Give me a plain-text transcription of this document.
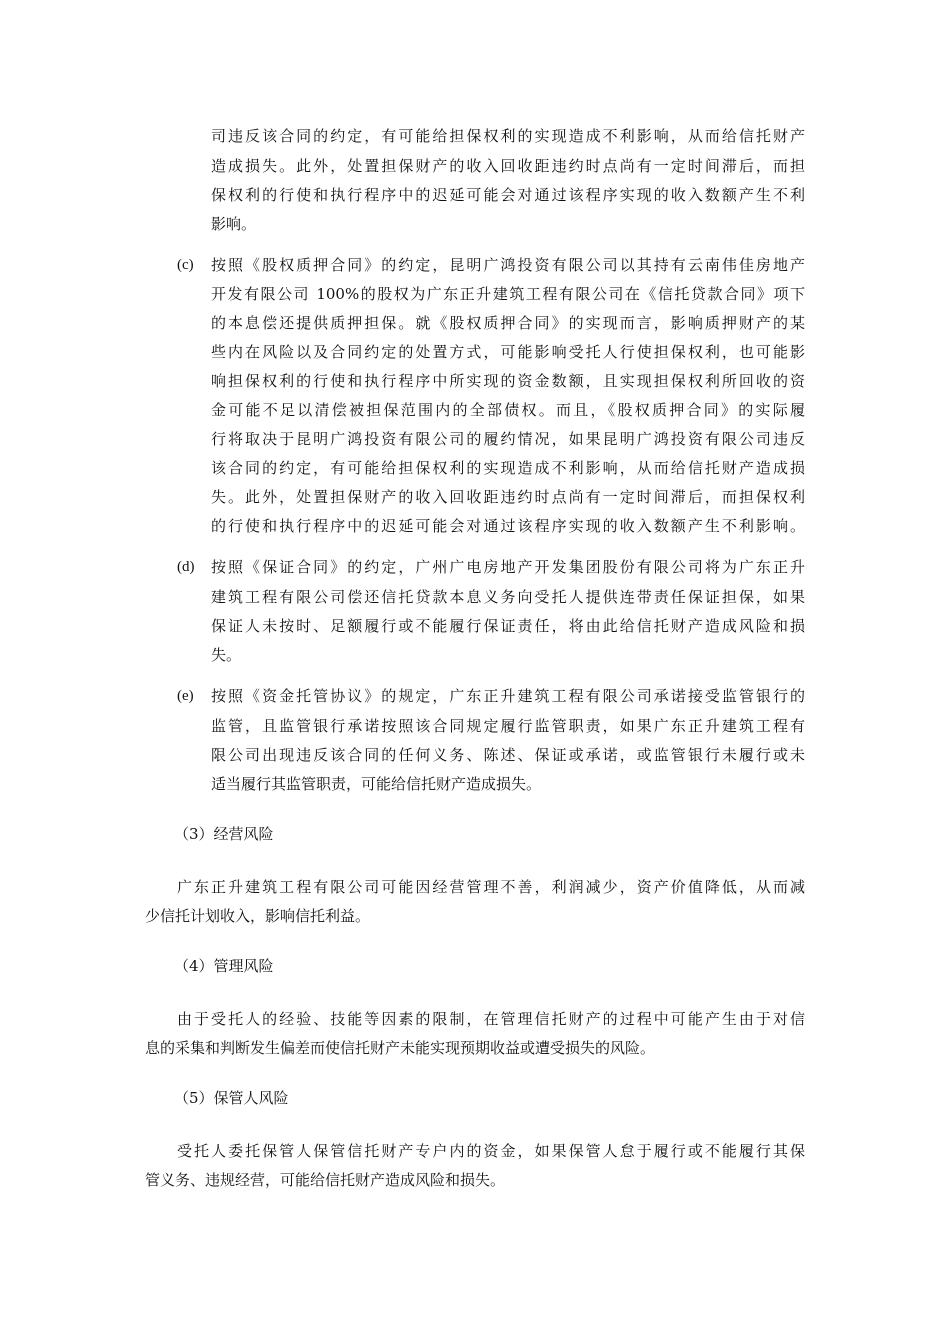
司违反该合同的约定，有可能给担保权利的实现造成不利影响，从而给信托财产
造成损失。此外，处置担保财产的收入回收距违约时点尚有一定时间滞后，而担
保权利的行使和执行程序中的迟延可能会对通过该程序实现的收入数额产生不利
影响。
(c)	按照《股权质押合同》的约定，昆明广鸿投资有限公司以其持有云南伟佳房地产
开发有限公司 100%的股权为广东正升建筑工程有限公司在《信托贷款合同》项下
的本息偿还提供质押担保。就《股权质押合同》的实现而言，影响质押财产的某
些内在风险以及合同约定的处置方式，可能影响受托人行使担保权利，也可能影
响担保权利的行使和执行程序中所实现的资金数额，且实现担保权利所回收的资
金可能不足以清偿被担保范围内的全部债权。而且，《股权质押合同》的实际履
行将取决于昆明广鸿投资有限公司的履约情况，如果昆明广鸿投资有限公司违反
该合同的约定，有可能给担保权利的实现造成不利影响，从而给信托财产造成损
失。此外，处置担保财产的收入回收距违约时点尚有一定时间滞后，而担保权利
的行使和执行程序中的迟延可能会对通过该程序实现的收入数额产生不利影响。
(d)	按照《保证合同》的约定，广州广电房地产开发集团股份有限公司将为广东正升
建筑工程有限公司偿还信托贷款本息义务向受托人提供连带责任保证担保，如果
保证人未按时、足额履行或不能履行保证责任，将由此给信托财产造成风险和损
失。
(e)	按照《资金托管协议》的规定，广东正升建筑工程有限公司承诺接受监管银行的
监管，且监管银行承诺按照该合同规定履行监管职责，如果广东正升建筑工程有
限公司出现违反该合同的任何义务、陈述、保证或承诺，或监管银行未履行或未
适当履行其监管职责，可能给信托财产造成损失。
（3）经营风险
广东正升建筑工程有限公司可能因经营管理不善，利润减少，资产价值降低，从而减
少信托计划收入，影响信托利益。
（4）管理风险
由于受托人的经验、技能等因素的限制，在管理信托财产的过程中可能产生由于对信
息的采集和判断发生偏差而使信托财产未能实现预期收益或遭受损失的风险。
（5）保管人风险
受托人委托保管人保管信托财产专户内的资金，如果保管人怠于履行或不能履行其保
管义务、违规经营，可能给信托财产造成风险和损失。
